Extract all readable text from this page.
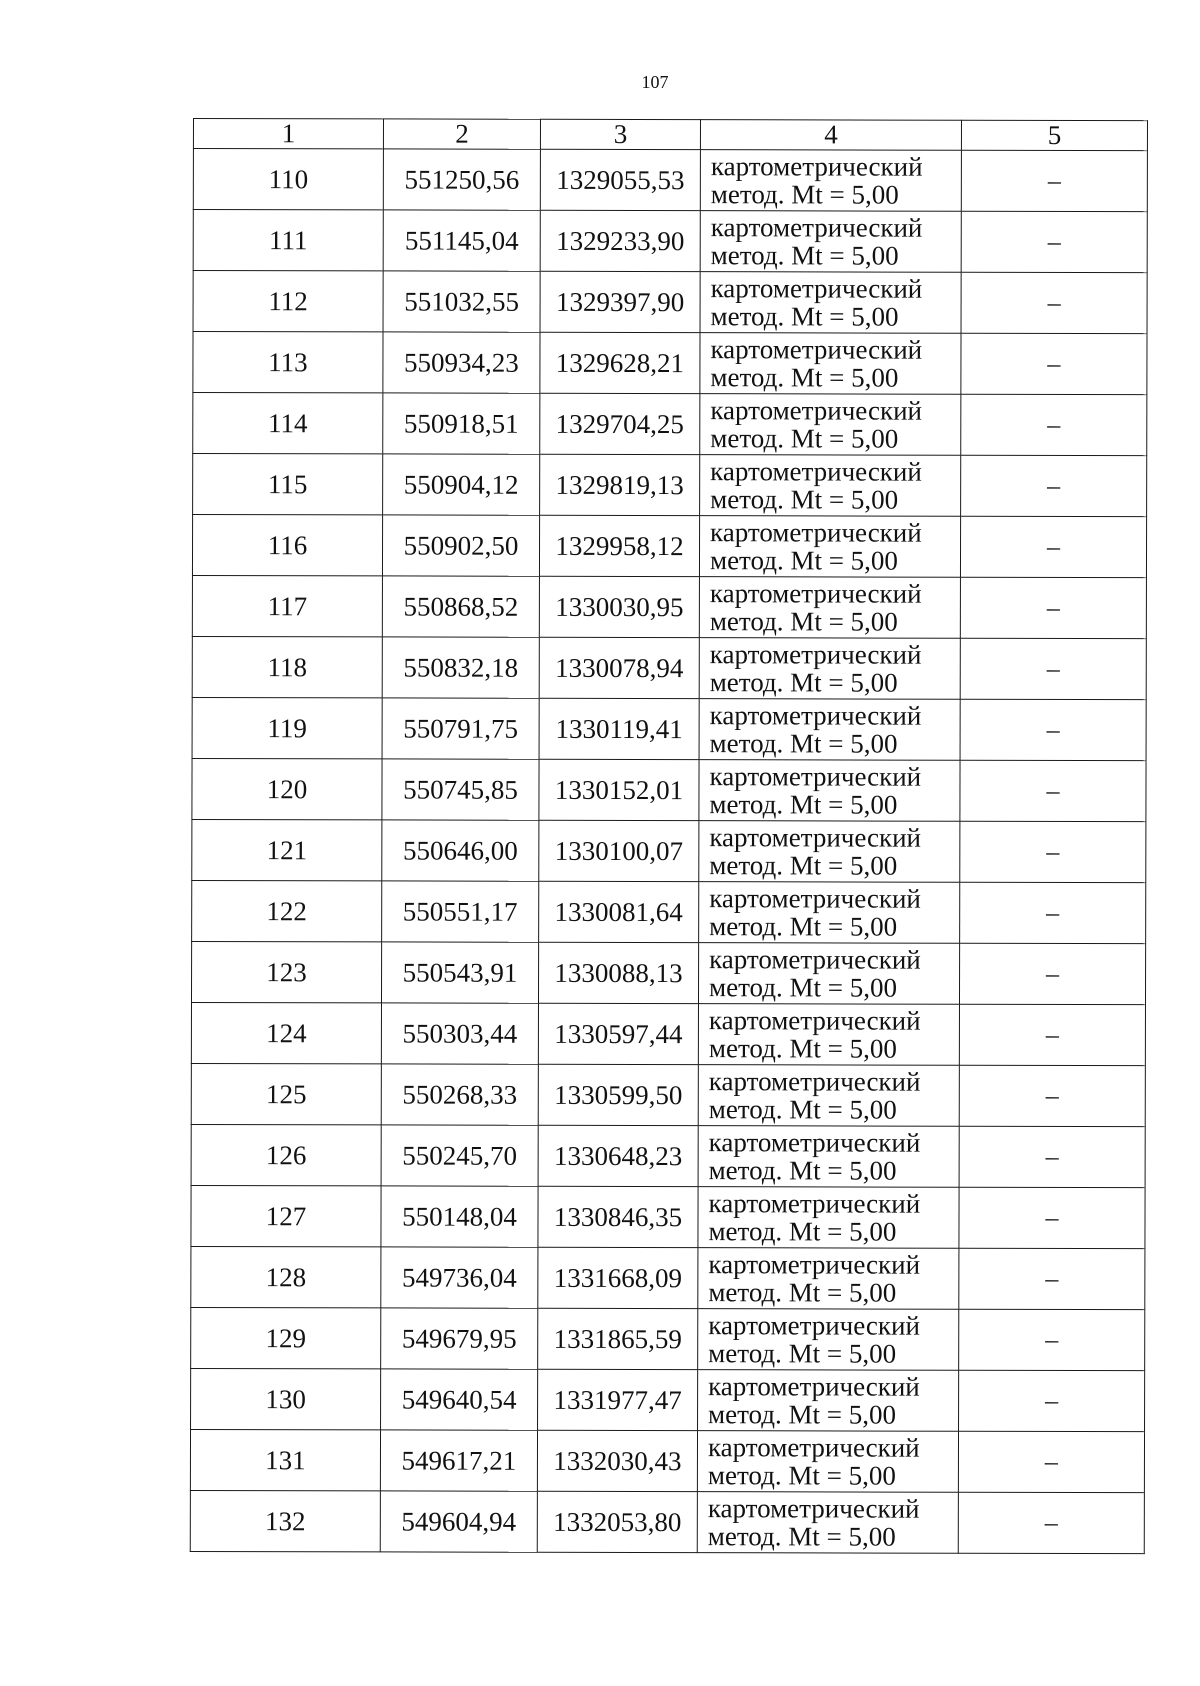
107
1	2	3	4	5
110	551250,56	1329055,53	картометрический
метод. Mt = 5,00	–
111	551145,04	1329233,90	картометрический
метод. Mt = 5,00	–
112	551032,55	1329397,90	картометрический
метод. Mt = 5,00	–
113	550934,23	1329628,21	картометрический
метод. Mt = 5,00	–
114	550918,51	1329704,25	картометрический
метод. Mt = 5,00	–
115	550904,12	1329819,13	картометрический
метод. Mt = 5,00	–
116	550902,50	1329958,12	картометрический
метод. Mt = 5,00	–
117	550868,52	1330030,95	картометрический
метод. Mt = 5,00	–
118	550832,18	1330078,94	картометрический
метод. Mt = 5,00	–
119	550791,75	1330119,41	картометрический
метод. Mt = 5,00	–
120	550745,85	1330152,01	картометрический
метод. Mt = 5,00	–
121	550646,00	1330100,07	картометрический
метод. Mt = 5,00	–
122	550551,17	1330081,64	картометрический
метод. Mt = 5,00	–
123	550543,91	1330088,13	картометрический
метод. Mt = 5,00	–
124	550303,44	1330597,44	картометрический
метод. Mt = 5,00	–
125	550268,33	1330599,50	картометрический
метод. Mt = 5,00	–
126	550245,70	1330648,23	картометрический
метод. Mt = 5,00	–
127	550148,04	1330846,35	картометрический
метод. Mt = 5,00	–
128	549736,04	1331668,09	картометрический
метод. Mt = 5,00	–
129	549679,95	1331865,59	картометрический
метод. Mt = 5,00	–
130	549640,54	1331977,47	картометрический
метод. Mt = 5,00	–
131	549617,21	1332030,43	картометрический
метод. Mt = 5,00	–
132	549604,94	1332053,80	картометрический
метод. Mt = 5,00	–
